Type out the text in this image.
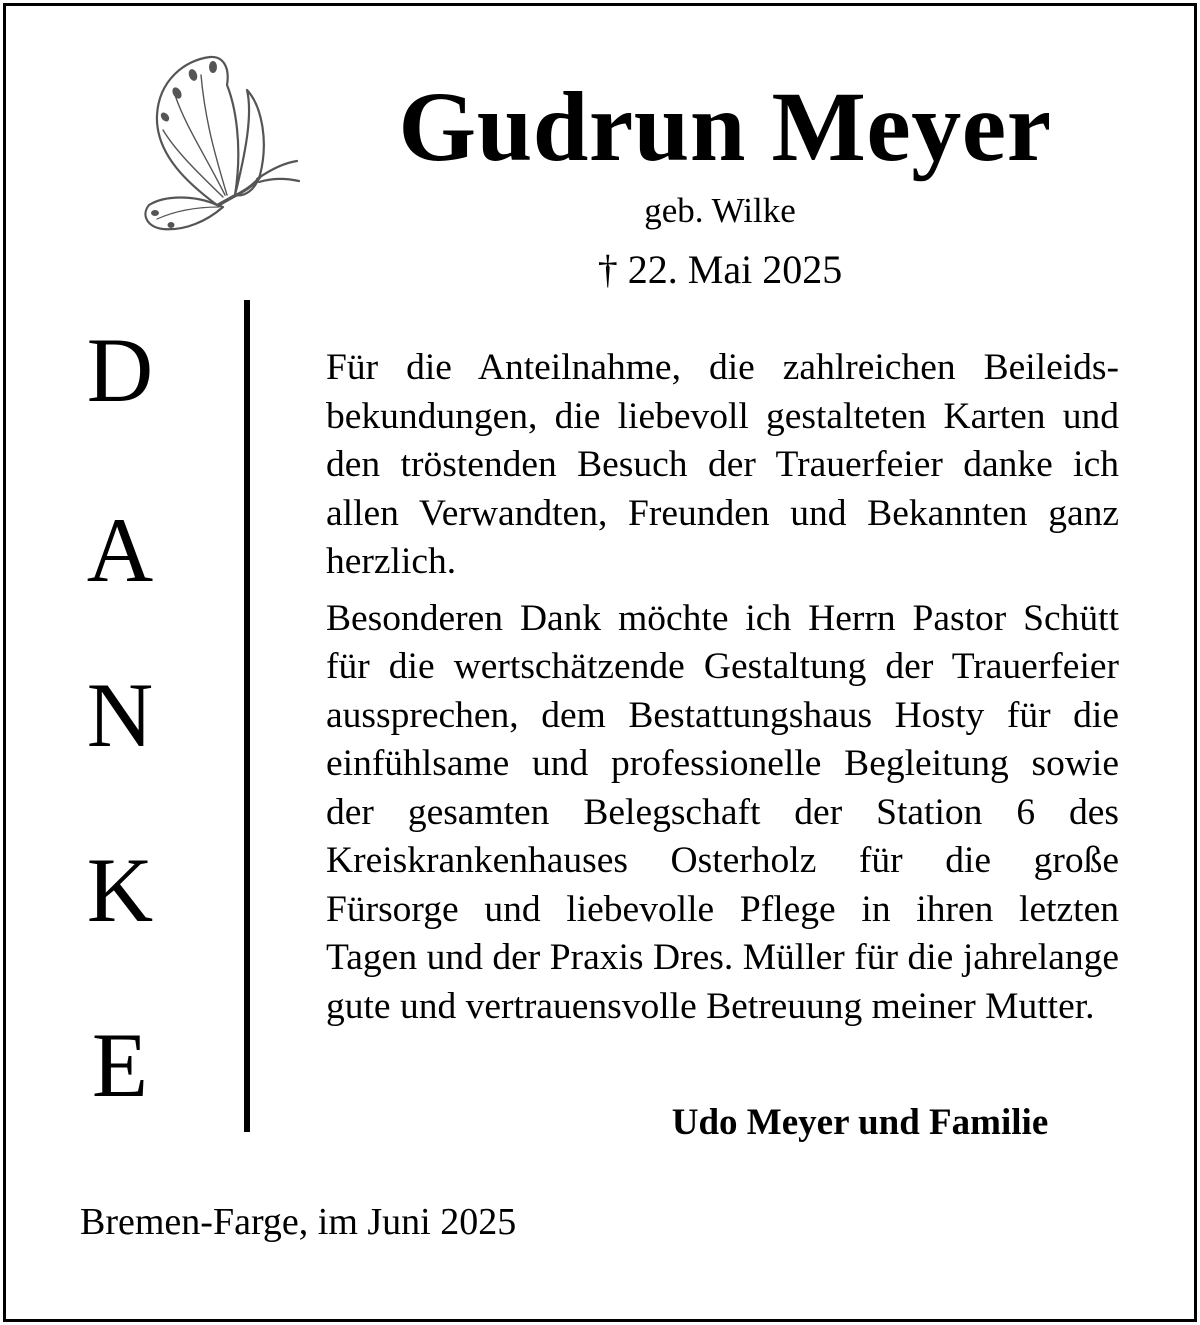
Gudrun Meyer
geb. Wilke
† 22. Mai 2025
D
A
N
K
E

Für die Anteilnahme, die zahlreichen Beileids-
bekundungen, die liebevoll gestalteten Karten und den tröstenden Besuch der Trauerfeier danke ich allen Verwandten, Freunden und Bekannten ganz herzlich.

Besonderen Dank möchte ich Herrn Pastor Schütt für die wertschätzende Gestaltung der Trauerfeier aussprechen, dem Bestattungshaus Hosty für die einfühlsame und professionelle Begleitung sowie der gesamten Belegschaft der Station 6 des Kreiskrankenhauses Osterholz für die große Fürsorge und liebevolle Pflege in ihren letzten Tagen und der Praxis Dres. Müller für die jahrelange gute und vertrauensvolle Betreuung meiner Mutter.

Udo Meyer und Familie
Bremen-Farge, im Juni 2025
